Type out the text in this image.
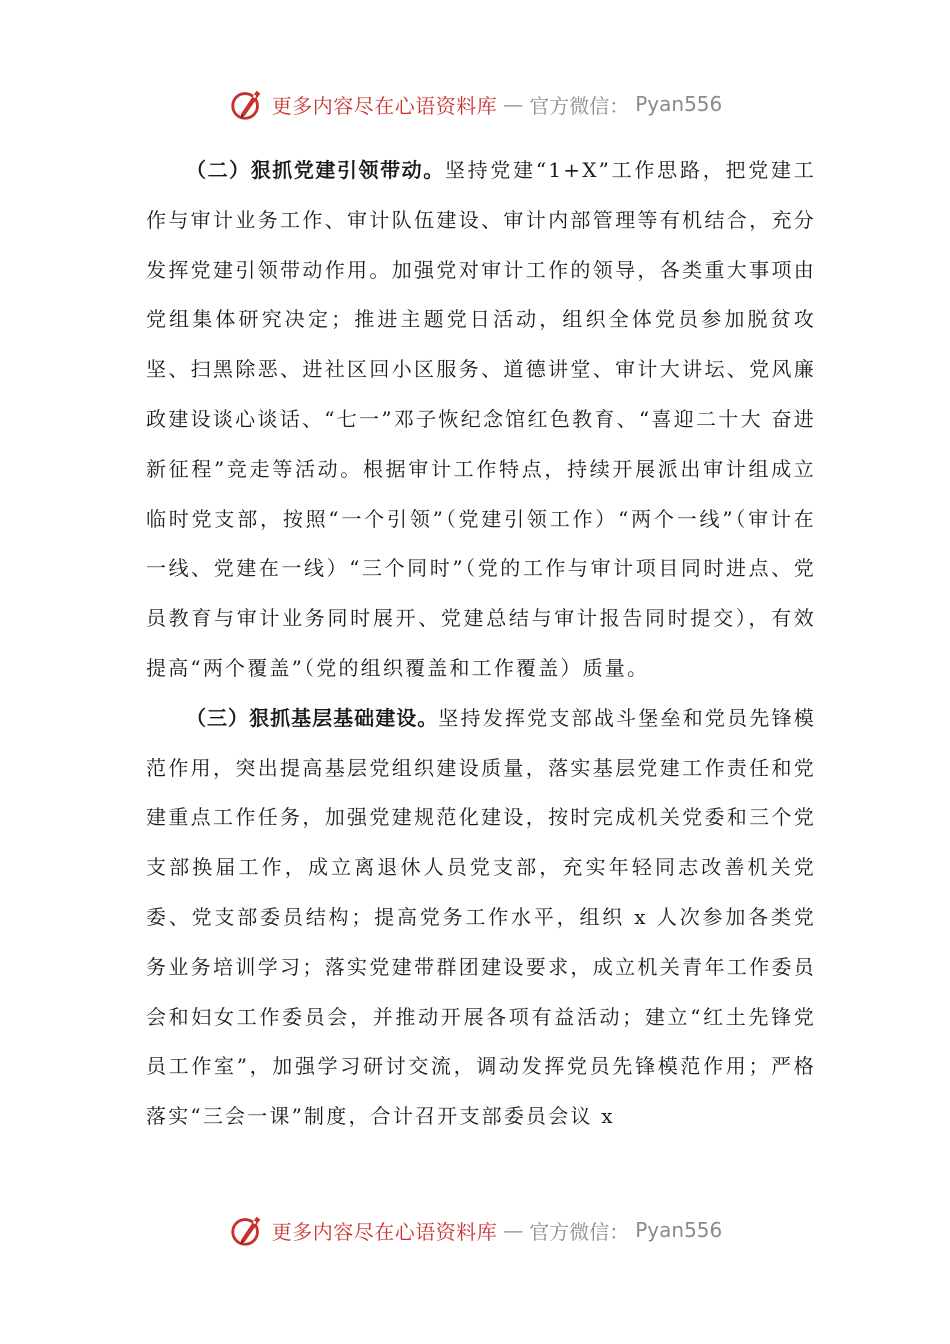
更多内容尽在心语资料库 — 官方微信： Pyan556

（二）狠抓党建引领带动。坚持党建“1+X”工作思路，把党建工作与审计业务工作、审计队伍建设、审计内部管理等有机结合，充分发挥党建引领带动作用。加强党对审计工作的领导，各类重大事项由党组集体研究决定；推进主题党日活动，组织全体党员参加脱贫攻坚、扫黑除恶、进社区回小区服务、道德讲堂、审计大讲坛、党风廉政建设谈心谈话、“七一”邓子恢纪念馆红色教育、“喜迎二十大 奋进新征程”竞走等活动。根据审计工作特点，持续开展派出审计组成立临时党支部，按照“一个引领”（党建引领工作）“两个一线”（审计在一线、党建在一线）“三个同时”（党的工作与审计项目同时进点、党员教育与审计业务同时展开、党建总结与审计报告同时提交），有效提高“两个覆盖”（党的组织覆盖和工作覆盖）质量。

（三）狠抓基层基础建设。坚持发挥党支部战斗堡垒和党员先锋模范作用，突出提高基层党组织建设质量，落实基层党建工作责任和党建重点工作任务，加强党建规范化建设，按时完成机关党委和三个党支部换届工作，成立离退休人员党支部，充实年轻同志改善机关党委、党支部委员结构；提高党务工作水平，组织 x 人次参加各类党务业务培训学习；落实党建带群团建设要求，成立机关青年工作委员会和妇女工作委员会，并推动开展各项有益活动；建立“红土先锋党员工作室”，加强学习研讨交流，调动发挥党员先锋模范作用；严格落实“三会一课”制度，合计召开支部委员会议 x

更多内容尽在心语资料库 — 官方微信： Pyan556
